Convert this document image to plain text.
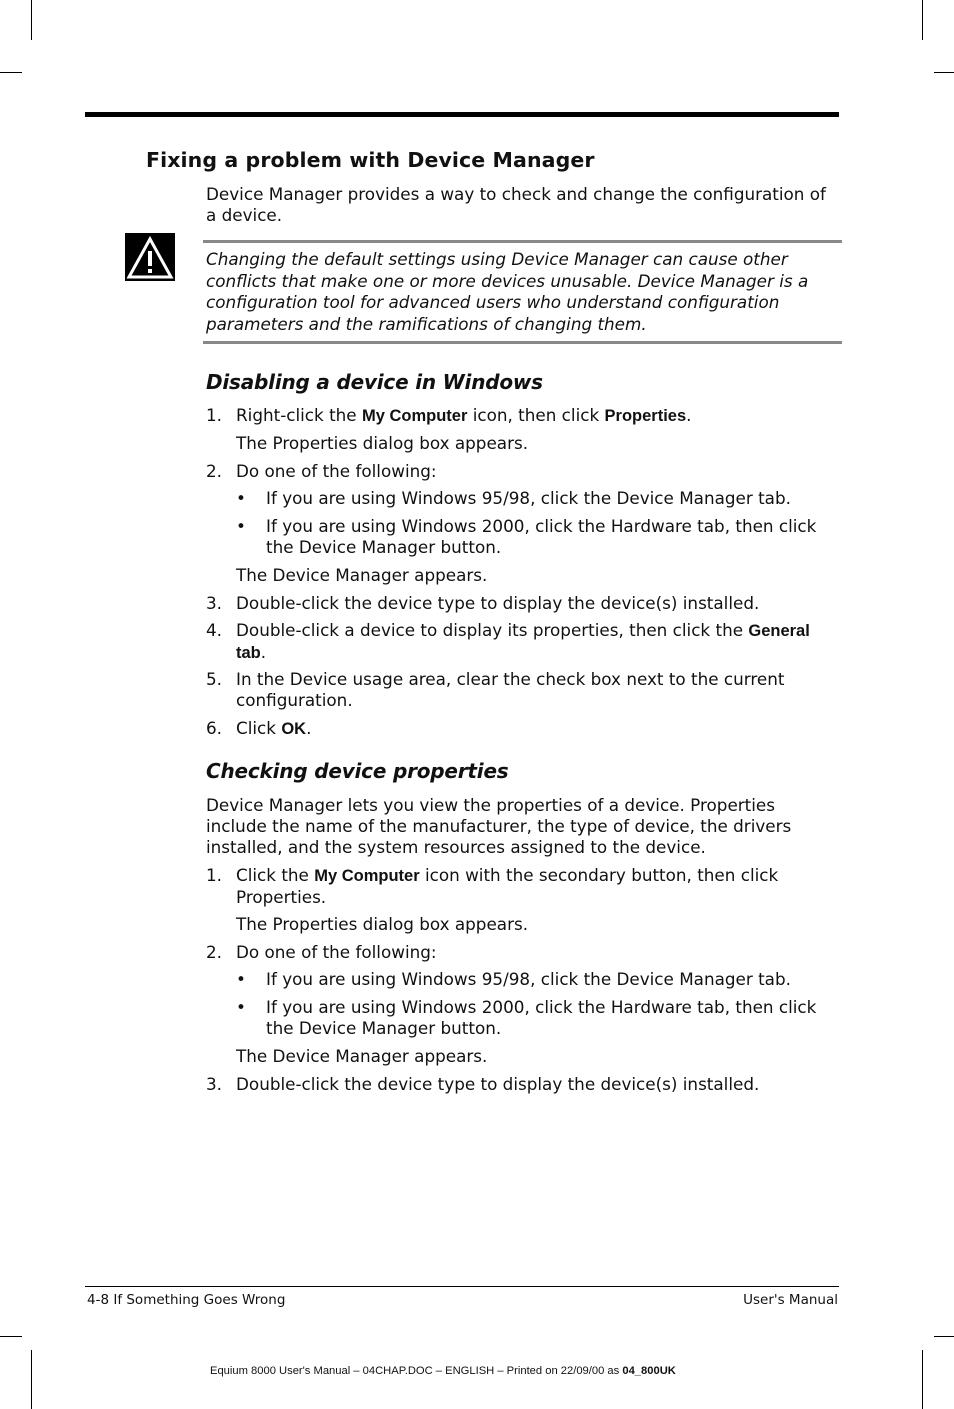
Fixing a problem with Device Manager

Device Manager provides a way to check and change the configuration of a device.

Changing the default settings using Device Manager can cause other conflicts that make one or more devices unusable. Device Manager is a configuration tool for advanced users who understand configuration parameters and the ramifications of changing them.

Disabling a device in Windows
1. Right-click the My Computer icon, then click Properties.
The Properties dialog box appears.
2. Do one of the following:
• If you are using Windows 95/98, click the Device Manager tab.
• If you are using Windows 2000, click the Hardware tab, then click the Device Manager button.
The Device Manager appears.
3. Double-click the device type to display the device(s) installed.
4. Double-click a device to display its properties, then click the General tab.
5. In the Device usage area, clear the check box next to the current configuration.
6. Click OK.
Checking device properties

Device Manager lets you view the properties of a device. Properties include the name of the manufacturer, the type of device, the drivers installed, and the system resources assigned to the device.

1. Click the My Computer icon with the secondary button, then click Properties.
The Properties dialog box appears.
2. Do one of the following:
• If you are using Windows 95/98, click the Device Manager tab.
• If you are using Windows 2000, click the Hardware tab, then click the Device Manager button.
The Device Manager appears.
3. Double-click the device type to display the device(s) installed.
4-8 If Something Goes Wrong	User's Manual
Equium 8000 User's Manual – 04CHAP.DOC – ENGLISH – Printed on 22/09/00 as 04_800UK
